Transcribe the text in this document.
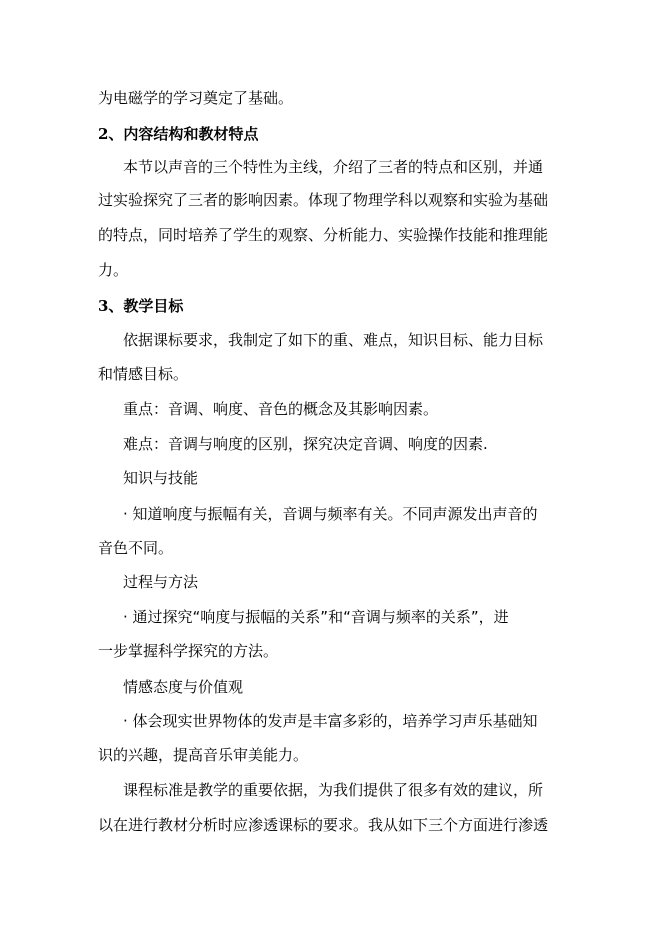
为电磁学的学习奠定了基础。
2、内容结构和教材特点
本节以声音的三个特性为主线，介绍了三者的特点和区别，并通
过实验探究了三者的影响因素。体现了物理学科以观察和实验为基础
的特点，同时培养了学生的观察、分析能力、实验操作技能和推理能
力。
3、教学目标
依据课标要求，我制定了如下的重、难点，知识目标、能力目标
和情感目标。
重点：音调、响度、音色的概念及其影响因素。
难点：音调与响度的区别，探究决定音调、响度的因素.
知识与技能
· 知道响度与振幅有关，音调与频率有关。不同声源发出声音的
音色不同。
过程与方法
· 通过探究“响度与振幅的关系”和“音调与频率的关系”，进
一步掌握科学探究的方法。
情感态度与价值观
· 体会现实世界物体的发声是丰富多彩的，培养学习声乐基础知
识的兴趣，提高音乐审美能力。
课程标准是教学的重要依据，为我们提供了很多有效的建议，所
以在进行教材分析时应渗透课标的要求。我从如下三个方面进行渗透
